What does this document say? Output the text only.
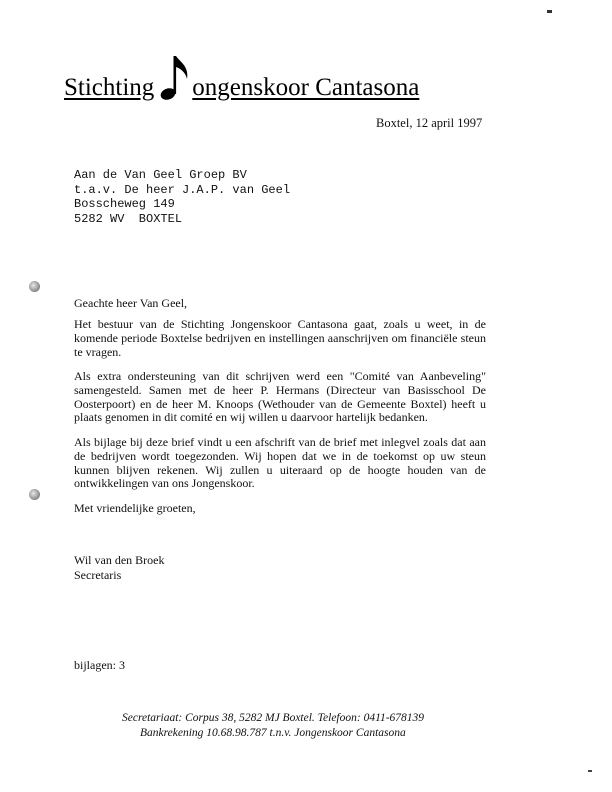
Stichting ongenskoor Cantasona
Boxtel, 12 april 1997
Aan de Van Geel Groep BV
t.a.v. De heer J.A.P. van Geel
Bosscheweg 149
5282 WV  BOXTEL
Geachte heer Van Geel,
Het bestuur van de Stichting Jongenskoor Cantasona gaat, zoals u weet, in de komende periode Boxtelse bedrijven en instellingen aanschrijven om financiële steun te vragen.
Als extra ondersteuning van dit schrijven werd een "Comité van Aanbeveling" samengesteld. Samen met de heer P. Hermans (Directeur van Basisschool De Oosterpoort) en de heer M. Knoops (Wethouder van de Gemeente Boxtel) heeft u plaats genomen in dit comité en wij willen u daarvoor hartelijk bedanken.
Als bijlage bij deze brief vindt u een afschrift van de brief met inlegvel zoals dat aan de bedrijven wordt toegezonden. Wij hopen dat we in de toekomst op uw steun kunnen blijven rekenen. Wij zullen u uiteraard op de hoogte houden van de ontwikkelingen van ons Jongenskoor.
Met vriendelijke groeten,
Wil van den Broek
Secretaris
bijlagen: 3
Secretariaat: Corpus 38, 5282 MJ Boxtel. Telefoon: 0411-678139
Bankrekening 10.68.98.787 t.n.v. Jongenskoor Cantasona
